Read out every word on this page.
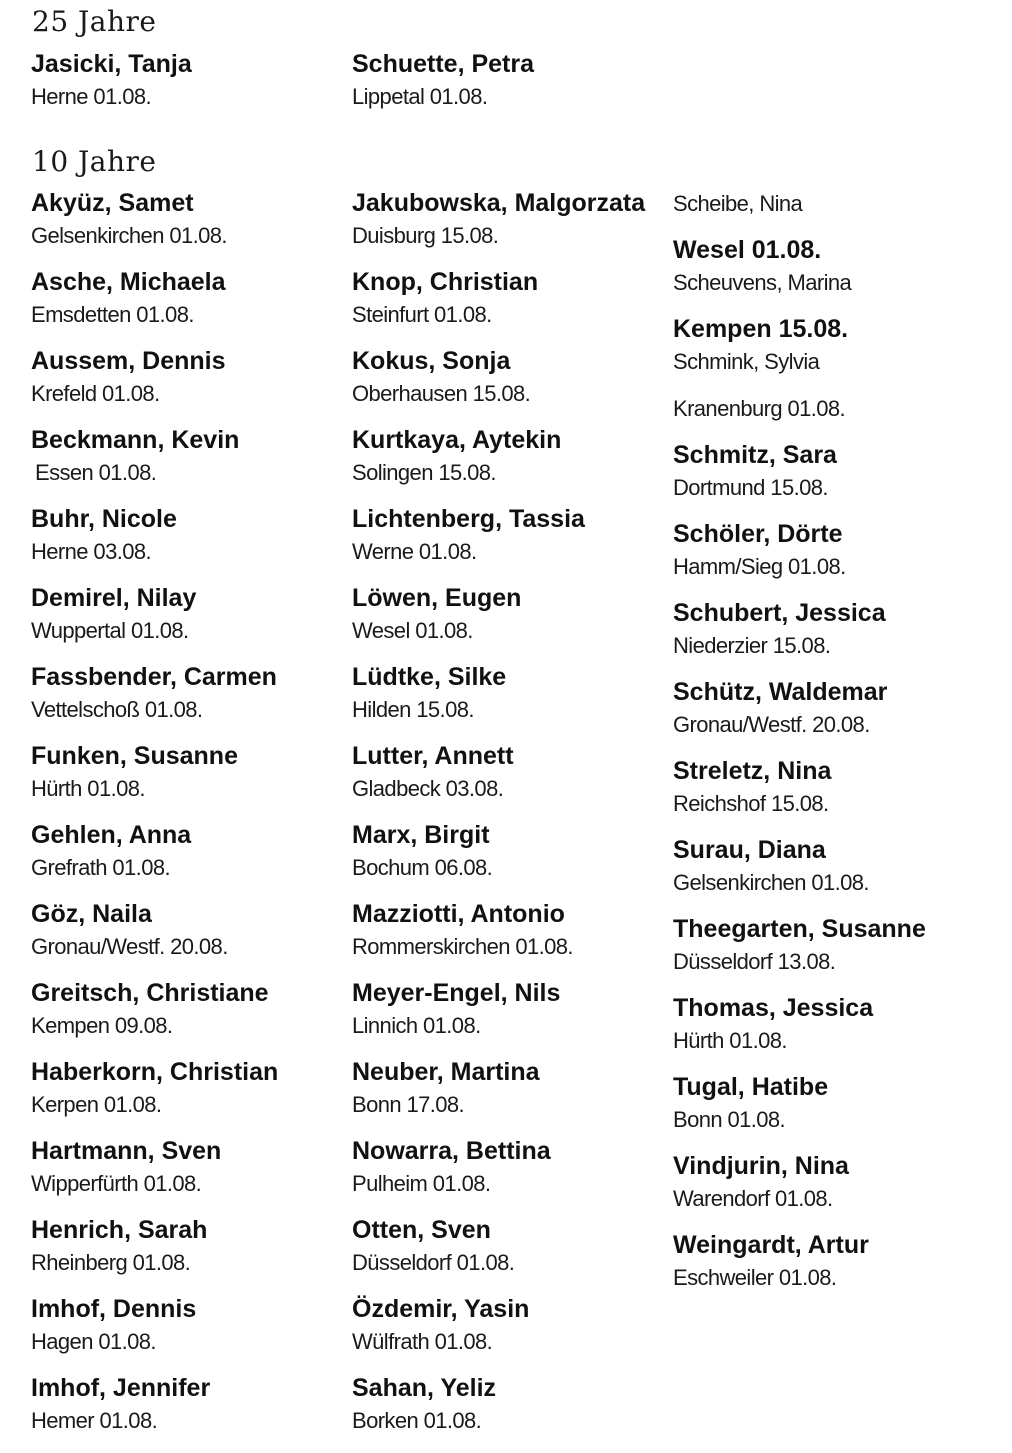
25 Jahre
10 Jahre
Jasicki, Tanja
Herne 01.08.
Schuette, Petra
Lippetal 01.08.
Akyüz, Samet
Gelsenkirchen 01.08.
Asche, Michaela
Emsdetten 01.08.
Aussem, Dennis
Krefeld 01.08.
Beckmann, Kevin
Essen 01.08.
Buhr, Nicole
Herne 03.08.
Demirel, Nilay
Wuppertal 01.08.
Fassbender, Carmen
Vettelschoß 01.08.
Funken, Susanne
Hürth 01.08.
Gehlen, Anna
Grefrath 01.08.
Göz, Naila
Gronau/Westf. 20.08.
Greitsch, Christiane
Kempen 09.08.
Haberkorn, Christian
Kerpen 01.08.
Hartmann, Sven
Wipperfürth 01.08.
Henrich, Sarah
Rheinberg 01.08.
Imhof, Dennis
Hagen 01.08.
Imhof, Jennifer
Hemer 01.08.
Jakubowska, Malgorzata
Duisburg 15.08.
Knop, Christian
Steinfurt 01.08.
Kokus, Sonja
Oberhausen 15.08.
Kurtkaya, Aytekin
Solingen 15.08.
Lichtenberg, Tassia
Werne 01.08.
Löwen, Eugen
Wesel 01.08.
Lüdtke, Silke
Hilden 15.08.
Lutter, Annett
Gladbeck 03.08.
Marx, Birgit
Bochum 06.08.
Mazziotti, Antonio
Rommerskirchen 01.08.
Meyer-Engel, Nils
Linnich 01.08.
Neuber, Martina
Bonn 17.08.
Nowarra, Bettina
Pulheim 01.08.
Otten, Sven
Düsseldorf 01.08.
Özdemir, Yasin
Wülfrath 01.08.
Sahan, Yeliz
Borken 01.08.
Scheibe, Nina
Wesel 01.08.
Scheuvens, Marina
Kempen 15.08.
Schmink, Sylvia
Kranenburg 01.08.
Schmitz, Sara
Dortmund 15.08.
Schöler, Dörte
Hamm/Sieg 01.08.
Schubert, Jessica
Niederzier 15.08.
Schütz, Waldemar
Gronau/Westf. 20.08.
Streletz, Nina
Reichshof 15.08.
Surau, Diana
Gelsenkirchen 01.08.
Theegarten, Susanne
Düsseldorf 13.08.
Thomas, Jessica
Hürth 01.08.
Tugal, Hatibe
Bonn 01.08.
Vindjurin, Nina
Warendorf 01.08.
Weingardt, Artur
Eschweiler 01.08.
